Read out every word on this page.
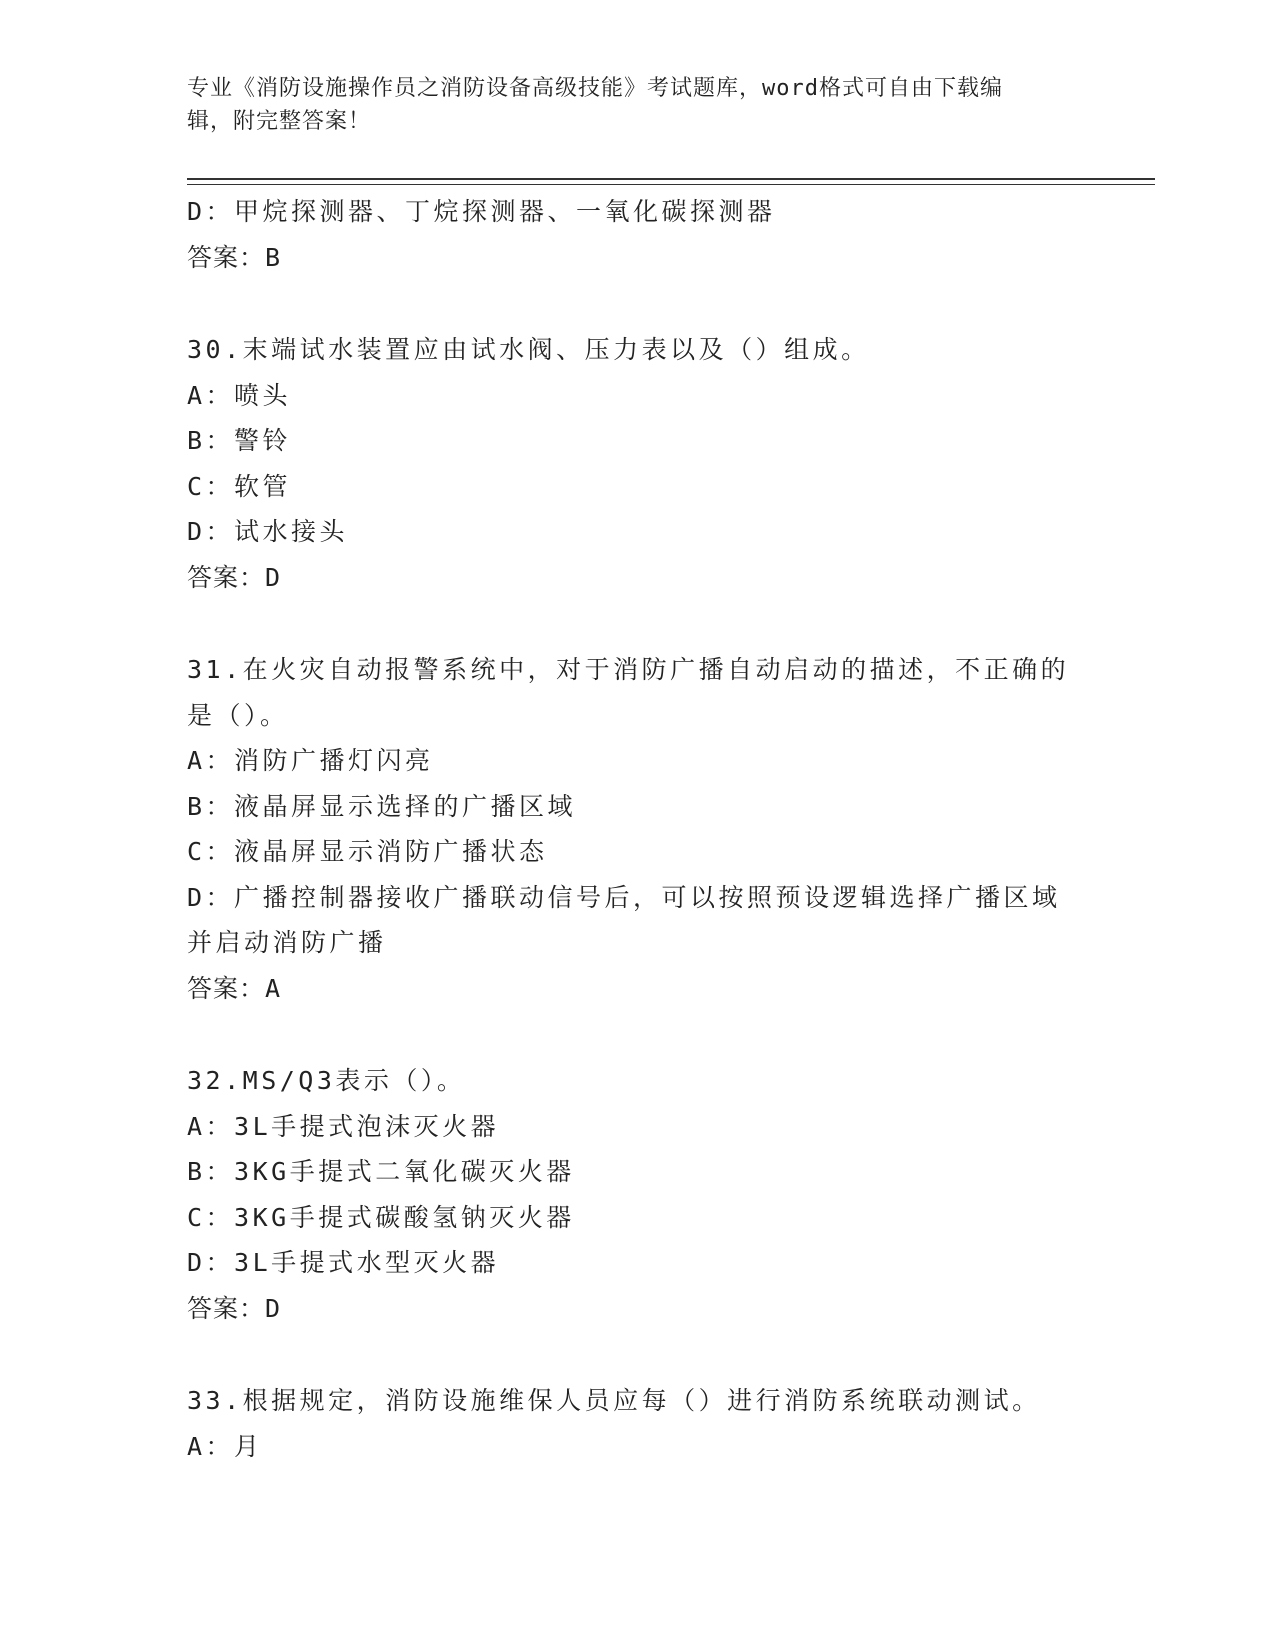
专业《消防设施操作员之消防设备高级技能》考试题库，word格式可自由下载编
辑，附完整答案！
D：甲烷探测器、丁烷探测器、一氧化碳探测器
答案：B
30.末端试水装置应由试水阀、压力表以及（）组成。
A：喷头
B：警铃
C：软管
D：试水接头
答案：D
31.在火灾自动报警系统中，对于消防广播自动启动的描述，不正确的
是（）。
A：消防广播灯闪亮
B：液晶屏显示选择的广播区域
C：液晶屏显示消防广播状态
D：广播控制器接收广播联动信号后，可以按照预设逻辑选择广播区域
并启动消防广播
答案：A
32.MS/Q3表示（）。
A：3L手提式泡沫灭火器
B：3KG手提式二氧化碳灭火器
C：3KG手提式碳酸氢钠灭火器
D：3L手提式水型灭火器
答案：D
33.根据规定，消防设施维保人员应每（）进行消防系统联动测试。
A：月
